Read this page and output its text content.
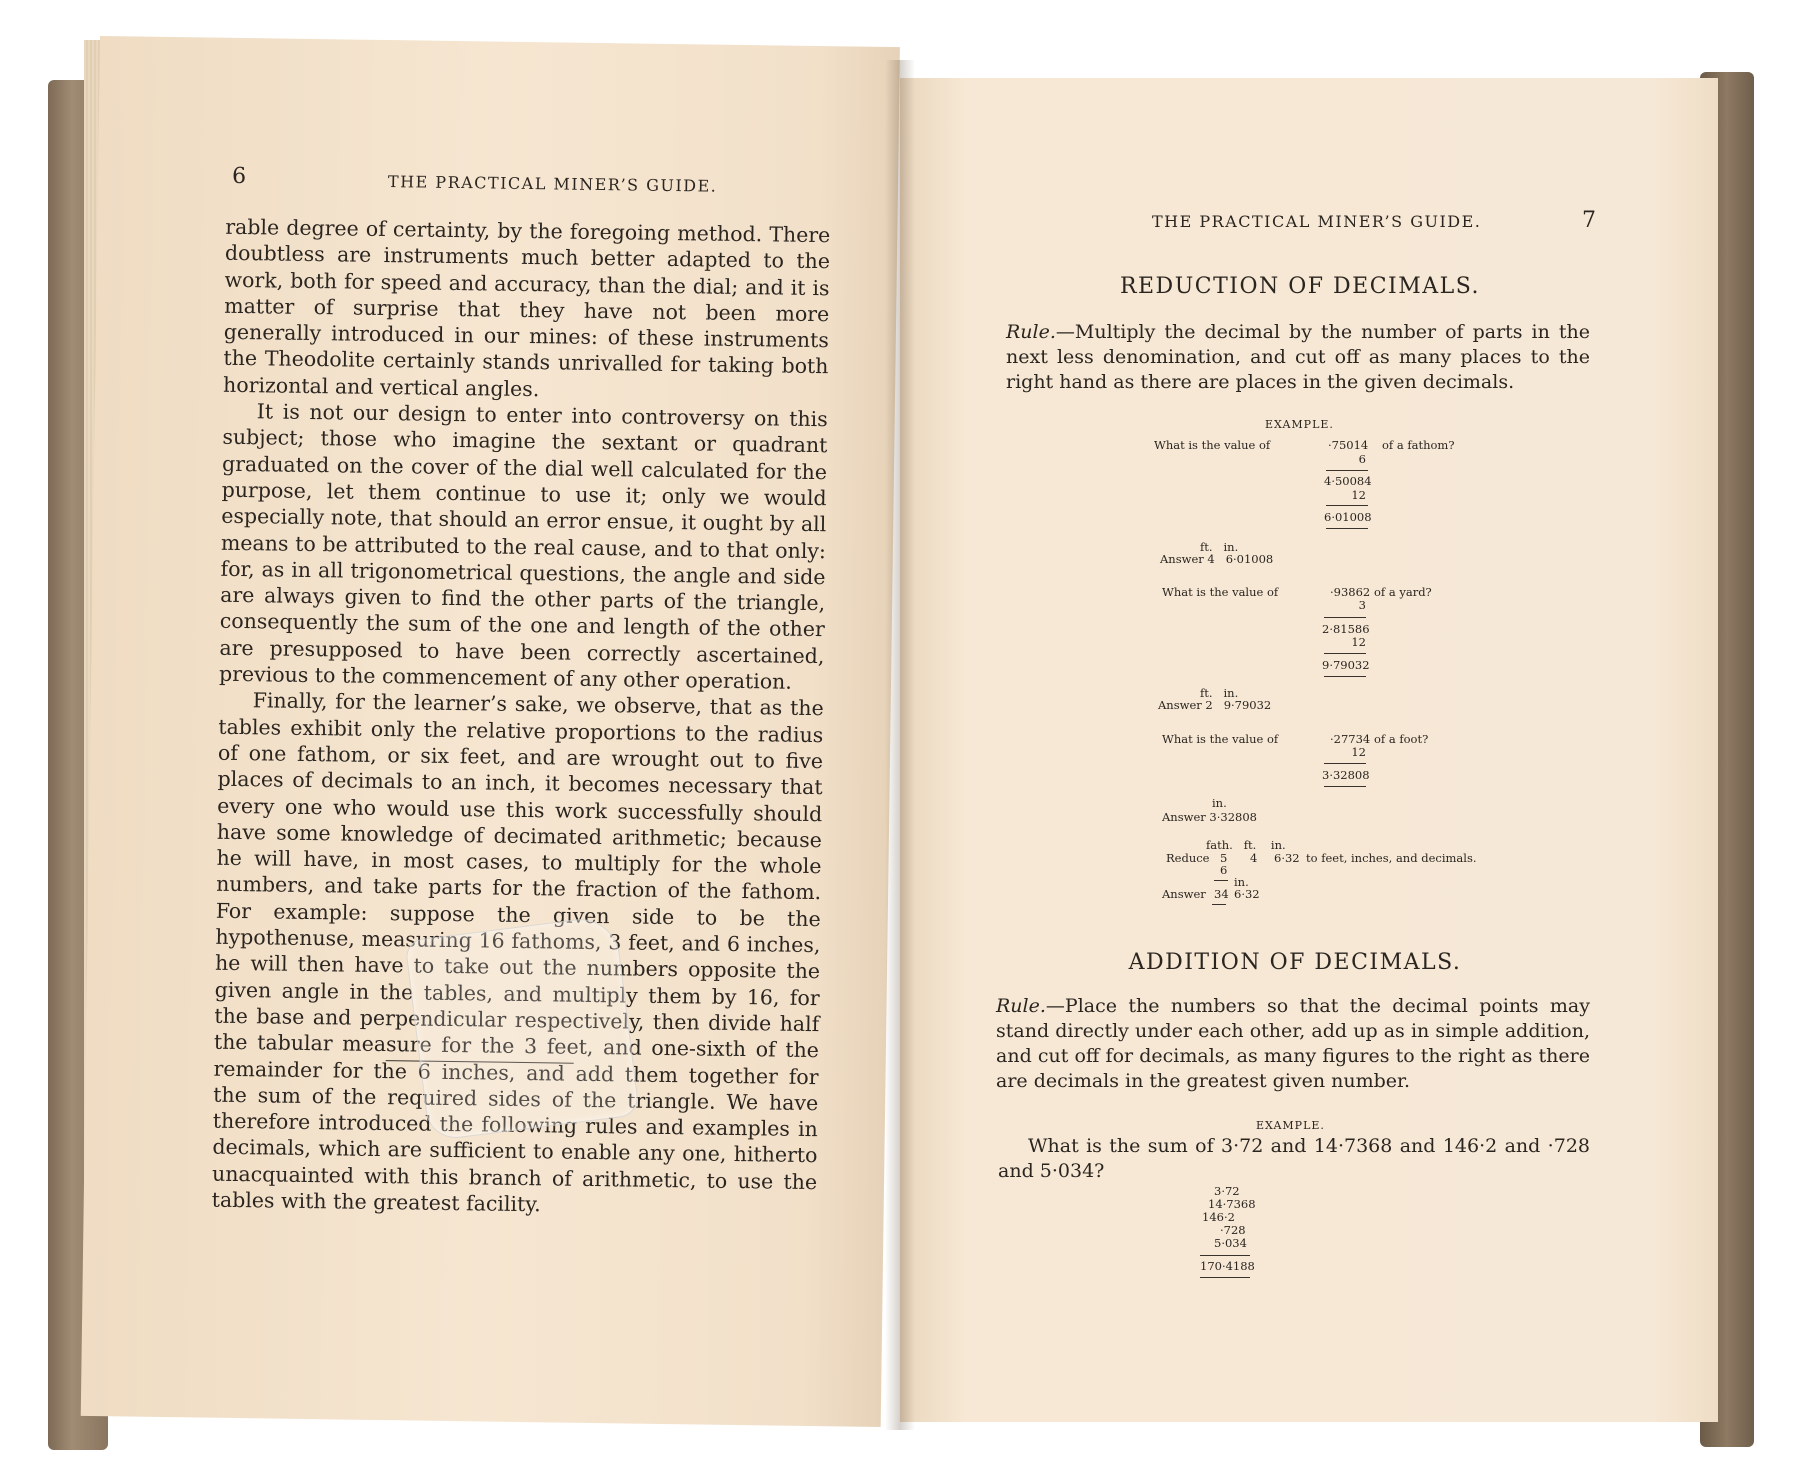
6	THE PRACTICAL MINER’S GUIDE.

rable degree of certainty, by the foregoing method. There doubtless are instruments much better adapted to the work, both for speed and accuracy, than the dial; and it is matter of surprise that they have not been more generally introduced in our mines: of these instruments the Theodolite certainly stands unrivalled for taking both horizontal and vertical angles.

It is not our design to enter into controversy on this subject; those who imagine the sextant or quadrant graduated on the cover of the dial well calculated for the purpose, let them continue to use it; only we would especially note, that should an error ensue, it ought by all means to be attributed to the real cause, and to that only: for, as in all trigonometrical questions, the angle and side are always given to find the other parts of the triangle, consequently the sum of the one and length of the other are presupposed to have been correctly ascertained, previous to the commencement of any other operation.

Finally, for the learner’s sake, we observe, that as the tables exhibit only the relative proportions to the radius of one fathom, or six feet, and are wrought out to five places of decimals to an inch, it becomes necessary that every one who would use this work successfully should have some knowledge of decimated arithmetic; because he will have, in most cases, to multiply for the whole numbers, and take parts for the fraction of the fathom. For example: suppose the given side to be the hypothenuse, measuring 16 fathoms, 3 feet, and 6 inches, he will then have to take out the numbers opposite the given angle in the tables, and multiply them by 16, for the base and perpendicular respectively, then divide half the tabular measure for the 3 feet, and one-sixth of the remainder for the 6 inches, and add them together for the sum of the required sides of the triangle. We have therefore introduced the following rules and examples in decimals, which are sufficient to enable any one, hitherto unacquainted with this branch of arithmetic, to use the tables with the greatest facility.

THE PRACTICAL MINER’S GUIDE.	7
REDUCTION OF DECIMALS.
Rule.—Multiply the decimal by the number of parts in the next less denomination, and cut off as many places to the right hand as there are places in the given decimals.
EXAMPLE.
What is the value of	·75014 of a fathom?
6
4·50084
12
6·01008
ft.   in.
Answer 4   6·01008
What is the value of	·93862 of a yard?
3
2·81586
12
9·79032
ft.   in.
Answer 2   9·79032
What is the value of	·27734 of a foot?
12
3·32808
in.
Answer 3·32808
fath.   ft.    in.
Reduce 5 4 6·32 to feet, inches, and decimals.
6
in.
Answer 34 6·32
ADDITION OF DECIMALS.
Rule.—Place the numbers so that the decimal points may stand directly under each other, add up as in simple addition, and cut off for decimals, as many figures to the right as there are decimals in the greatest given number.
EXAMPLE.
What is the sum of 3·72 and 14·7368 and 146·2 and ·728 and 5·034?
3·72
14·7368
146·2
·728
5·034
170·4188
